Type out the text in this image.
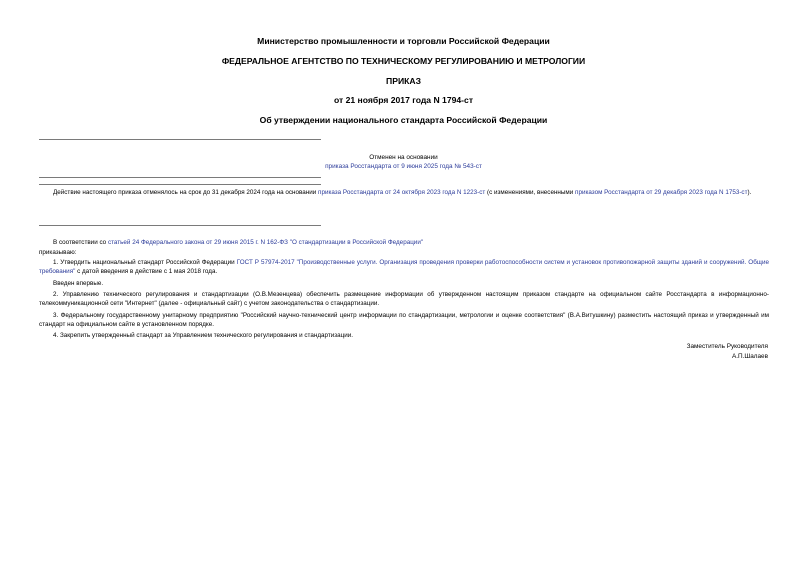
Министерство промышленности и торговли Российской Федерации
ФЕДЕРАЛЬНОЕ АГЕНТСТВО ПО ТЕХНИЧЕСКОМУ РЕГУЛИРОВАНИЮ И МЕТРОЛОГИИ
ПРИКАЗ
от 21 ноября 2017 года N 1794-ст
Об утверждении национального стандарта Российской Федерации
Отменен на основании
приказа Росстандарта от 9 июня 2025 года № 543-ст
Действие настоящего приказа отменялось на срок до 31 декабря 2024 года на основании приказа Росстандарта от 24 октября 2023 года N 1223-ст (с изменениями, внесенными приказом Росстандарта от 29 декабря 2023 года N 1753-ст).
В соответствии со статьей 24 Федерального закона от 29 июня 2015 г. N 162-ФЗ "О стандартизации в Российской Федерации"
приказываю:
1. Утвердить национальный стандарт Российской Федерации ГОСТ Р 57974-2017 "Производственные услуги. Организация проведения проверки работоспособности систем и установок противопожарной защиты зданий и сооружений. Общие требования" с датой введения в действие с 1 мая 2018 года.
Введен впервые.
2. Управлению технического регулирования и стандартизации (О.В.Мезенцева) обеспечить размещение информации об утвержденном настоящим приказом стандарте на официальном сайте Росстандарта в информационно-телекоммуникационной сети "Интернет" (далее - официальный сайт) с учетом законодательства о стандартизации.
3. Федеральному государственному унитарному предприятию "Российский научно-технический центр информации по стандартизации, метрологии и оценке соответствия" (В.А.Витушкину) разместить настоящий приказ и утвержденный им стандарт на официальном сайте в установленном порядке.
4. Закрепить утвержденный стандарт за Управлением технического регулирования и стандартизации.
Заместитель Руководителя
А.П.Шалаев
